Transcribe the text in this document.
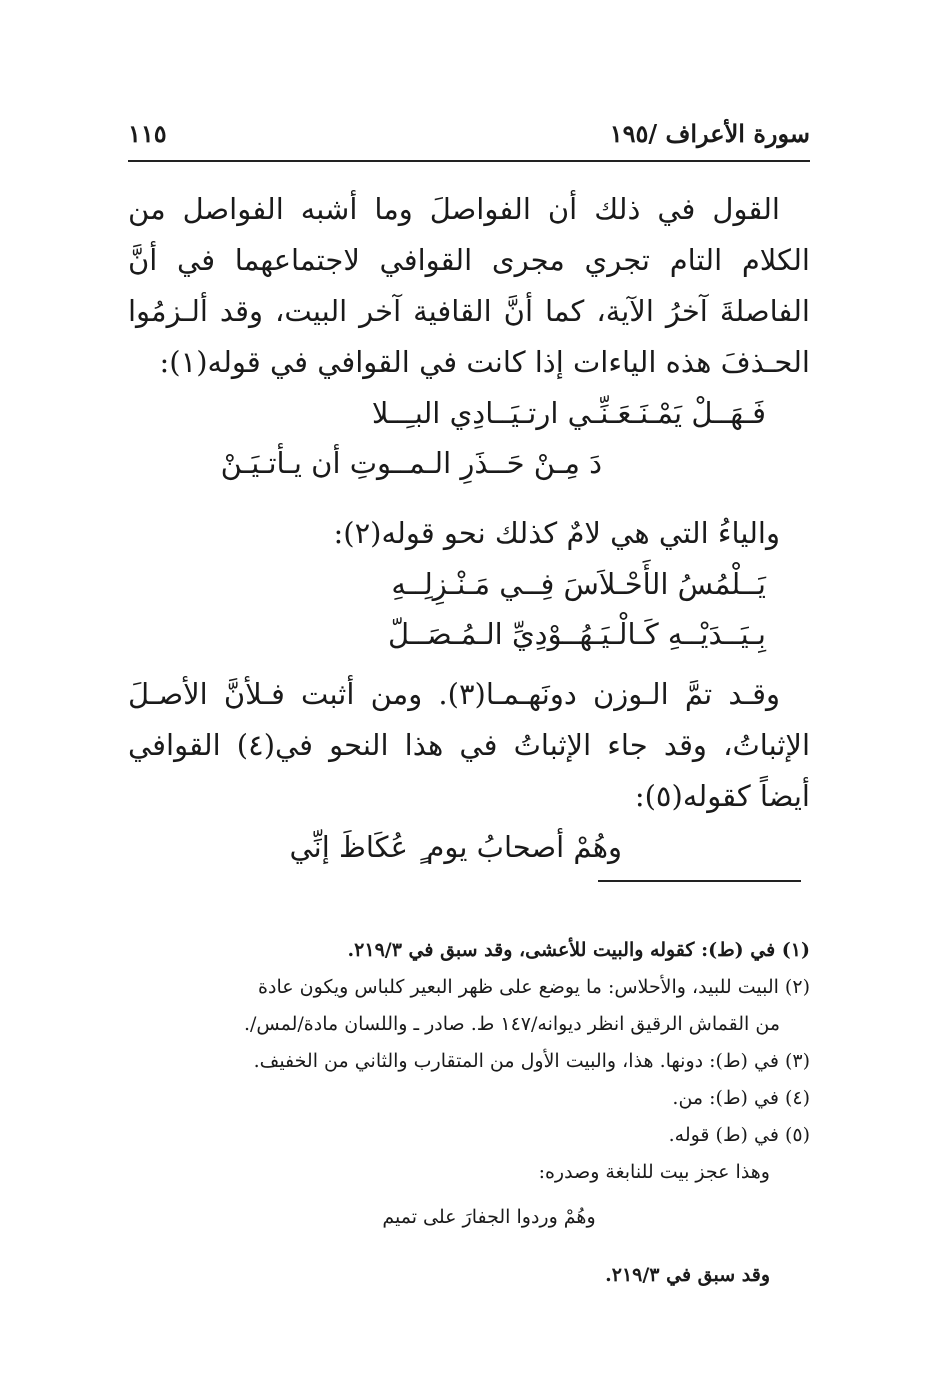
سورة الأعراف /١٩٥
١١٥

القول في ذلك أن الفواصلَ وما أشبه الفواصل من الكلام التام تجري مجرى القوافي لاجتماعهما في أنَّ الفاصلةَ آخرُ الآية، كما أنَّ القافية آخر البيت، وقد ألـزمُوا الحـذفَ هذه الياءات إذا كانت في القوافي في قوله(١):

فَـهَــلْ يَمْـنَـعَـنِّـي ارتـيَــادِي البـِــلا
دَ مِـنْ حَــذَرِ الـمــوتِ أن يـأتـيَـنْ

والياءُ التي هي لامٌ كذلك نحو قوله(٢):

يَــلْمُسُ الأَحْـلاَسَ فِــي مَـنْـزِلِــهِ
بِـيَــدَيْــهِ كَـالْـيَـهُــوْدِيِّ الـمُـصَــلّ

وقـد تمَّ الـوزن دونَهـمـا(٣). ومن أثبت فـلأنَّ الأصـلَ الإثباتُ، وقد جاء الإثباتُ في هذا النحو في(٤) القوافي أيضاً كقوله(٥):

وهُمْ أصحابُ يوم ٍ عُكَاظَ إنِّي

(١) في (ط): كقوله والبيت للأعشى، وقد سبق في ٢١٩/٣.

(٢) البيت للبيد، والأحلاس: ما يوضع على ظهر البعير كلباس ويكون عادة

من القماش الرقيق انظر ديوانه/١٤٧ ط. صادر ـ واللسان مادة/لمس/.

(٣) في (ط): دونها. هذا، والبيت الأول من المتقارب والثاني من الخفيف.

(٤) في (ط): من.

(٥) في (ط) قوله.

وهذا عجز بيت للنابغة وصدره:

وهُمْ وردوا الجفارَ على تميم

وقد سبق في ٢١٩/٣.
